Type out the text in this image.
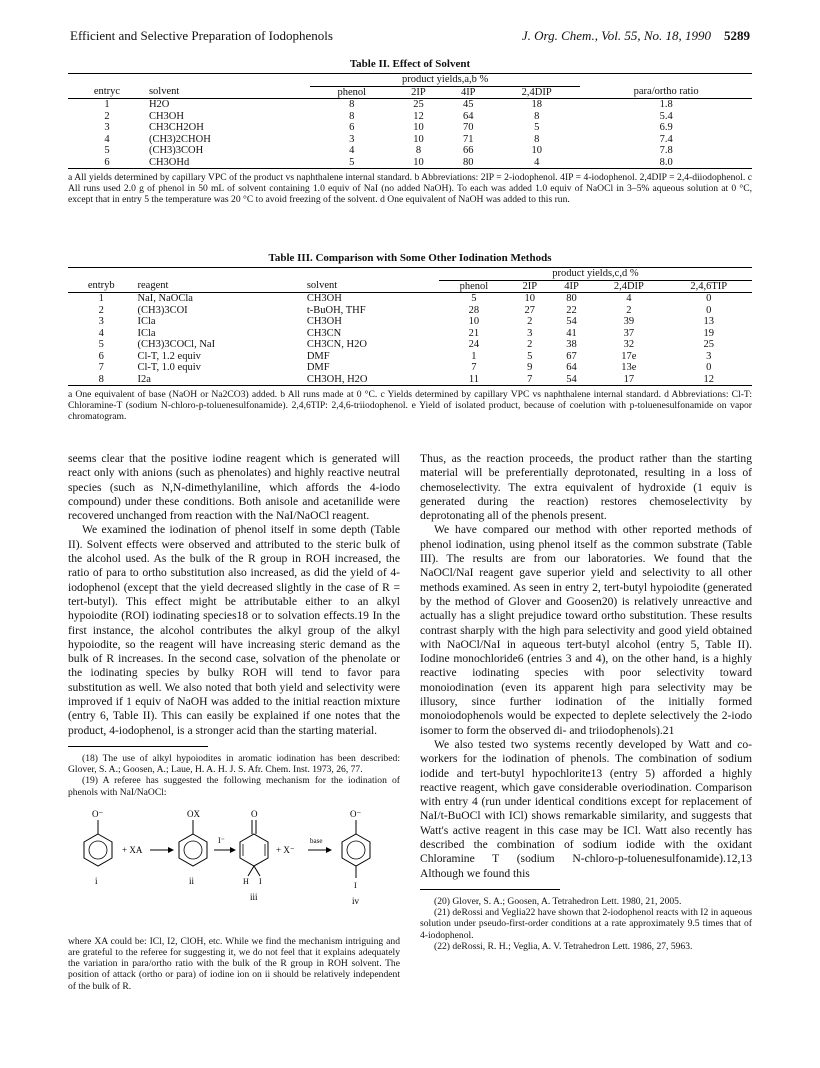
Efficient and Selective Preparation of Iodophenols	J. Org. Chem., Vol. 55, No. 18, 1990 5289
Table II. Effect of Solvent
		product yields,a,b %				
entryc	solvent	phenol	2IP	4IP	2,4DIP	para/ortho ratio
1	H2O	8	25	45	18	1.8
2	CH3OH	8	12	64	8	5.4
3	CH3CH2OH	6	10	70	5	6.9
4	(CH3)2CHOH	3	10	71	8	7.4
5	(CH3)3COH	4	8	66	10	7.8
6	CH3OHd	5	10	80	4	8.0
a All yields determined by capillary VPC of the product vs naphthalene internal standard. b Abbreviations: 2IP = 2-iodophenol. 4IP = 4-iodophenol. 2,4DIP = 2,4-diiodophenol. c All runs used 2.0 g of phenol in 50 mL of solvent containing 1.0 equiv of NaI (no added NaOH). To each was added 1.0 equiv of NaOCl in 3–5% aqueous solution at 0 °C, except that in entry 5 the temperature was 20 °C to avoid freezing of the solvent. d One equivalent of NaOH was added to this run.
Table III. Comparison with Some Other Iodination Methods
			product yields,c,d %				
entryb	reagent	solvent	phenol	2IP	4IP	2,4DIP	2,4,6TIP
1	NaI, NaOCla	CH3OH	5	10	80	4	0
2	(CH3)3COI	t-BuOH, THF	28	27	22	2	0
3	ICla	CH3OH	10	2	54	39	13
4	ICla	CH3CN	21	3	41	37	19
5	(CH3)3COCl, NaI	CH3CN, H2O	24	2	38	32	25
6	Cl-T, 1.2 equiv	DMF	1	5	67	17e	3
7	Cl-T, 1.0 equiv	DMF	7	9	64	13e	0
8	I2a	CH3OH, H2O	11	7	54	17	12
a One equivalent of base (NaOH or Na2CO3) added. b All runs made at 0 °C. c Yields determined by capillary VPC vs naphthalene internal standard. d Abbreviations: Cl-T: Chloramine-T (sodium N-chloro-p-toluenesulfonamide). 2,4,6TIP: 2,4,6-triiodophenol. e Yield of isolated product, because of coelution with p-toluenesulfonamide on vapor chromatogram.

seems clear that the positive iodine reagent which is generated will react only with anions (such as phenolates) and highly reactive neutral species (such as N,N-dimethylaniline, which affords the 4-iodo compound) under these conditions. Both anisole and acetanilide were recovered unchanged from reaction with the NaI/NaOCl reagent.

We examined the iodination of phenol itself in some depth (Table II). Solvent effects were observed and attributed to the steric bulk of the alcohol used. As the bulk of the R group in ROH increased, the ratio of para to ortho substitution also increased, as did the yield of 4-iodophenol (except that the yield decreased slightly in the case of R = tert-butyl). This effect might be attributable either to an alkyl hypoiodite (ROI) iodinating species18 or to solvation effects.19 In the first instance, the alcohol contributes the alkyl group of the alkyl hypoiodite, so the reagent will have increasing steric demand as the bulk of R increases. In the second case, solvation of the phenolate or the iodinating species by bulky ROH will tend to favor para substitution as well. We also noted that both yield and selectivity were improved if 1 equiv of NaOH was added to the initial reaction mixture (entry 6, Table II). This can easily be explained if one notes that the product, 4-iodophenol, is a stronger acid than the starting material.

(18) The use of alkyl hypoiodites in aromatic iodination has been described: Glover, S. A.; Goosen, A.; Laue, H. A. H. J. S. Afr. Chem. Inst. 1973, 26, 77.

(19) A referee has suggested the following mechanism for the iodination of phenols with NaI/NaOCl:

O⁻
i
+ XA
OX
ii
I⁻
O
H I
iii
+ X⁻
base
O⁻
I
iv

where XA could be: ICl, I2, ClOH, etc. While we find the mechanism intriguing and are grateful to the referee for suggesting it, we do not feel that it explains adequately the variation in para/ortho ratio with the bulk of the R group in ROH solvent. The position of attack (ortho or para) of iodine ion on ii should be relatively independent of the bulk of R.

Thus, as the reaction proceeds, the product rather than the starting material will be preferentially deprotonated, resulting in a loss of chemoselectivity. The extra equivalent of hydroxide (1 equiv is generated during the reaction) restores chemoselectivity by deprotonating all of the phenols present.

We have compared our method with other reported methods of phenol iodination, using phenol itself as the common substrate (Table III). The results are from our laboratories. We found that the NaOCl/NaI reagent gave superior yield and selectivity to all other methods examined. As seen in entry 2, tert-butyl hypoiodite (generated by the method of Glover and Goosen20) is relatively unreactive and actually has a slight prejudice toward ortho substitution. These results contrast sharply with the high para selectivity and good yield obtained with NaOCl/NaI in aqueous tert-butyl alcohol (entry 5, Table II). Iodine monochloride6 (entries 3 and 4), on the other hand, is a highly reactive iodinating species with poor selectivity toward monoiodination (even its apparent high para selectivity may be illusory, since further iodination of the initially formed monoiodophenols would be expected to deplete selectively the 2-iodo isomer to form the observed di- and triiodophenols).21

We also tested two systems recently developed by Watt and co-workers for the iodination of phenols. The combination of sodium iodide and tert-butyl hypochlorite13 (entry 5) afforded a highly reactive reagent, which gave considerable overiodination. Comparison with entry 4 (run under identical conditions except for replacement of NaI/t-BuOCl with ICl) shows remarkable similarity, and suggests that Watt's active reagent in this case may be ICl. Watt also recently has described the combination of sodium iodide with the oxidant Chloramine T (sodium N-chloro-p-toluenesulfonamide).12,13 Although we found this

(20) Glover, S. A.; Goosen, A. Tetrahedron Lett. 1980, 21, 2005.

(21) deRossi and Veglia22 have shown that 2-iodophenol reacts with I2 in aqueous solution under pseudo-first-order conditions at a rate approximately 9.5 times that of 4-iodophenol.

(22) deRossi, R. H.; Veglia, A. V. Tetrahedron Lett. 1986, 27, 5963.
